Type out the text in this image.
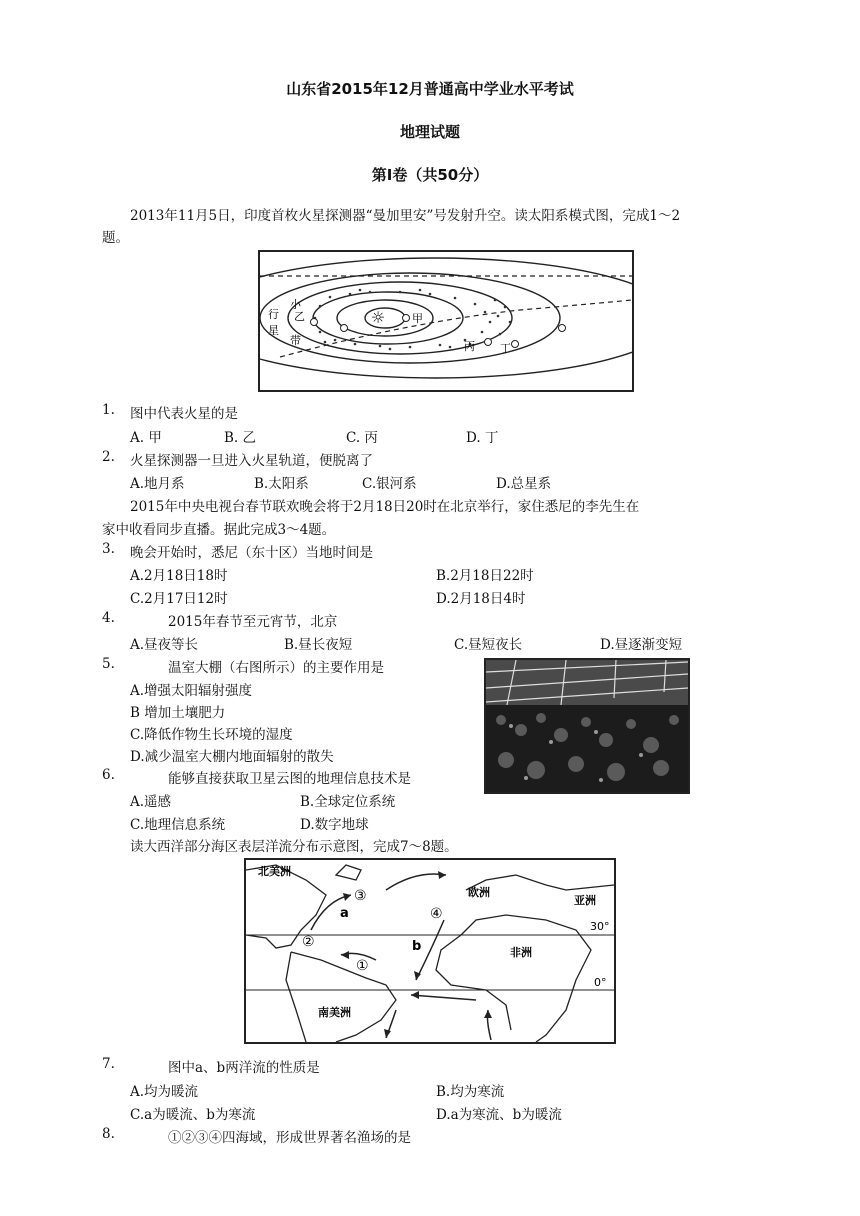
山东省2015年12月普通高中学业水平考试
地理试题
第Ⅰ卷（共50分）
2013年11月5日，印度首枚火星探测器“曼加里安”号发射升空。读太阳系模式图，完成1～2
题。
☼
小
行
星
带
乙	甲
丙 丁
1. 图中代表火星的是
A. 甲	B. 乙	C. 丙	D. 丁
2. 火星探测器一旦进入火星轨道，便脱离了
A.地月系	B.太阳系	C.银河系	D.总星系
2015年中央电视台春节联欢晚会将于2月18日20时在北京举行，家住悉尼的李先生在
家中收看同步直播。据此完成3～4题。
3. 晚会开始时，悉尼（东十区）当地时间是
A.2月18日18时	B.2月18日22时
C.2月17日12时	D.2月18日4时
4.	2015年春节至元宵节，北京
A.昼夜等长	B.昼长夜短	C.昼短夜长	D.昼逐渐变短
5.	温室大棚（右图所示）的主要作用是
A.增强太阳辐射强度
B 增加土壤肥力
C.降低作物生长环境的湿度
D.减少温室大棚内地面辐射的散失
6.	能够直接获取卫星云图的地理信息技术是
A.遥感	B.全球定位系统
C.地理信息系统	D.数字地球
读大西洋部分海区表层洋流分布示意图，完成7～8题。
北美洲
欧洲
亚洲
非洲
南美洲
30°
0°
a
b
①
②
③
④
7.	图中a、b两洋流的性质是
A.均为暖流	B.均为寒流
C.a为暖流、b为寒流	D.a为寒流、b为暖流
8.	①②③④四海域，形成世界著名渔场的是
